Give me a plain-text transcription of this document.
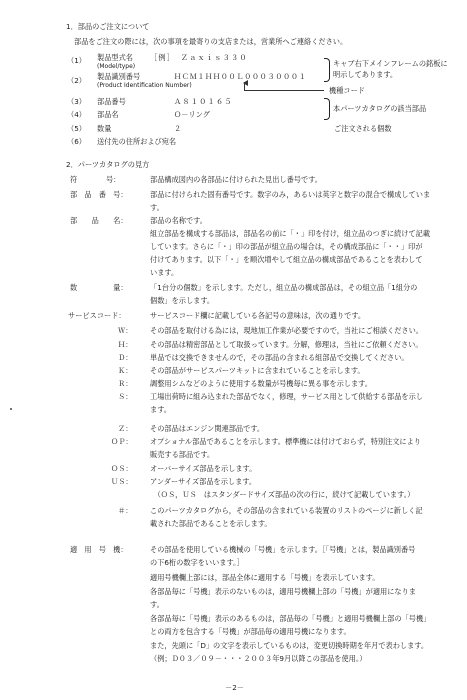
1．部品のご注文について
部品をご注文の際には，次の事項を最寄りの支店または，営業所へご連絡ください。
（1） 製品型式名
(Model/type)
［例］ Ｚａｘｉｓ３３０
（2） 製品識別番号
(Product Identification Number)
ＨＣＭ１ＨＨ００Ｌ０００３０００１
キャブ右下メインフレームの銘板に
明示してあります。
機種コード
（3） 部品番号	Ａ８１０１６５
（4） 部品名	Ｏ－リング
本パーツカタログの該当部品
（5） 数量	２	ご注文される個数
（6） 送付先の住所および宛名
2．パーツカタログの見方
符　　　　号：	部品構成図内の各部品に付けられた見出し番号です。
部　品　番　号：	部品に付けられた固有番号です。数字のみ，あるいは英字と数字の混合で構成していま
す。
部　　品　　名：	部品の名称です。
組立部品を構成する部品は，部品名の前に「・」印を付け，組立品のつぎに続けて記載
しています。さらに「・」印の部品が組立品の場合は，その構成部品に「・・」印が
付けてあります。以下「・」を順次増やして組立品の構成部品であることを表わして
います。
数　　　　　量：	「1台分の個数」を示します。ただし，組立品の構成部品は，その組立品「1組分の
個数」を示します。
サービスコード：	サービスコード欄に記載している各記号の意味は，次の通りです。
Ｗ： その部品を取付ける為には，現地加工作業が必要ですので，当社にご相談ください。
Ｈ： その部品は精密部品として取扱っています。分解，修理は，当社にご依頼ください。
Ｄ： 単品では交換できませんので，その部品の含まれる組部品で交換してください。
Ｋ： その部品がサービスパーツキットに含まれていることを示します。
Ｒ： 調整用シムなどのように使用する数量が号機毎に異る事を示します。
Ｓ： 工場出荷時に組み込まれた部品でなく，修理，サービス用として供給する部品を示し
ます。
Ｚ： その部品はエンジン関連部品です。
ＯＰ： オプショナル部品であることを示します。標準機には付けておらず，特別注文により
販売する部品です。
ＯＳ： オーバーサイズ部品を示します。
ＵＳ： アンダーサイズ部品を示します。
　（ＯＳ，ＵＳ　はスタンダードサイズ部品の次の行に，続けて記載しています。）
＃： このパーツカタログから，その部品の含まれている装置のリストのページに新しく記
載された部品であることを示します。
適　用　号　機：	その部品を使用している機械の「号機」を示します。［「号機」とは，製品識別番号
の下6桁の数字をいいます。］
適用号機欄上部には，部品全体に適用する「号機」を表示しています。
各部品毎に「号機」表示のないものは，適用号機欄上部の「号機」が適用になりま
す。
各部品毎に「号機」表示のあるものは，部品毎の「号機」と適用号機欄上部の「号機」
との両方を包含する「号機」が部品毎の適用号機になります。
また，先頭に「D」の文字を表示しているものは，変更切換時期を年月で表わします。
（例；Ｄ０３／０９－・・・２００３年9月以降この部品を使用。）
－2－
